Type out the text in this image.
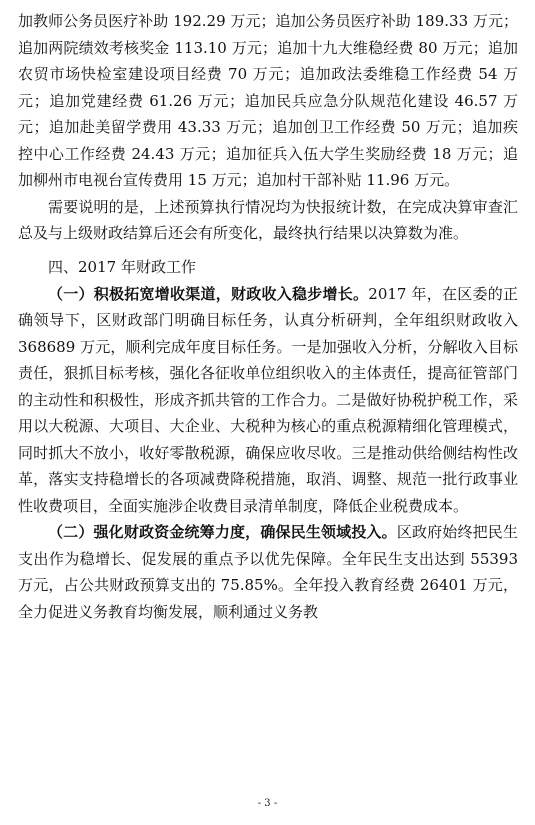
加教师公务员医疗补助 192.29 万元；追加公务员医疗补助 189.33 万元；追加两院绩效考核奖金 113.10 万元；追加十九大维稳经费 80 万元；追加农贸市场快检室建设项目经费 70 万元；追加政法委维稳工作经费 54 万元；追加党建经费 61.26 万元；追加民兵应急分队规范化建设 46.57 万元；追加赴美留学费用 43.33 万元；追加创卫工作经费 50 万元；追加疾控中心工作经费 24.43 万元；追加征兵入伍大学生奖励经费 18 万元；追加柳州市电视台宣传费用 15 万元；追加村干部补贴 11.96 万元。

需要说明的是，上述预算执行情况均为快报统计数，在完成决算审查汇总及与上级财政结算后还会有所变化，最终执行结果以决算数为准。

四、2017 年财政工作

（一）积极拓宽增收渠道，财政收入稳步增长。2017 年，在区委的正确领导下，区财政部门明确目标任务，认真分析研判，全年组织财政收入 368689 万元，顺利完成年度目标任务。一是加强收入分析，分解收入目标责任，狠抓目标考核，强化各征收单位组织收入的主体责任，提高征管部门的主动性和积极性，形成齐抓共管的工作合力。二是做好协税护税工作，采用以大税源、大项目、大企业、大税种为核心的重点税源精细化管理模式，同时抓大不放小，收好零散税源，确保应收尽收。三是推动供给侧结构性改革，落实支持稳增长的各项减费降税措施，取消、调整、规范一批行政事业性收费项目，全面实施涉企收费目录清单制度，降低企业税费成本。

（二）强化财政资金统筹力度，确保民生领域投入。区政府始终把民生支出作为稳增长、促发展的重点予以优先保障。全年民生支出达到 55393 万元，占公共财政预算支出的 75.85%。全年投入教育经费 26401 万元，全力促进义务教育均衡发展，顺利通过义务教

- 3 -
